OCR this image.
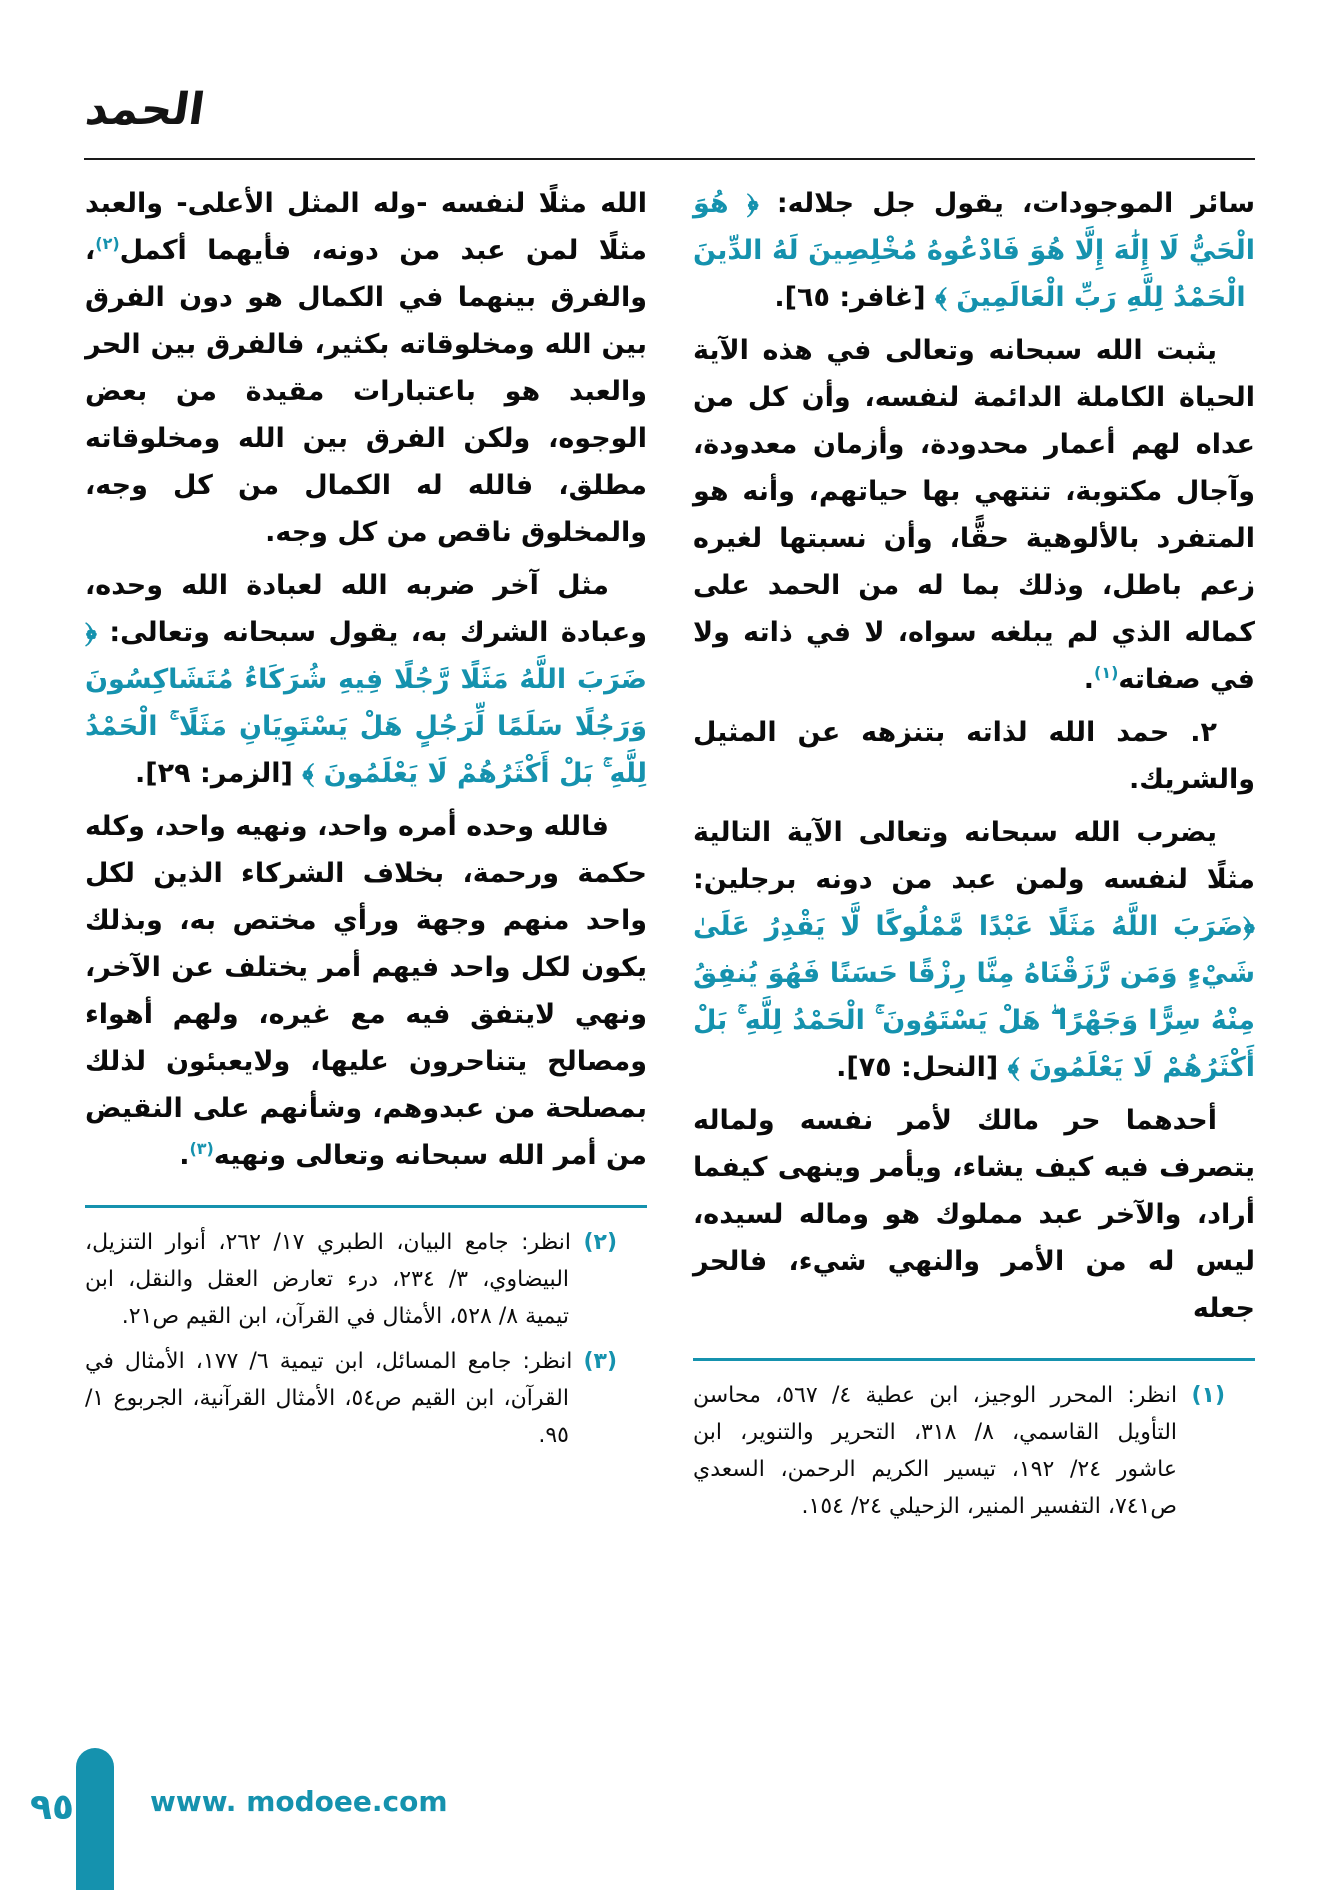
الحمد

سائر الموجودات، يقول جل جلاله: ﴿ هُوَ الْحَيُّ لَا إِلَٰهَ إِلَّا هُوَ فَادْعُوهُ مُخْلِصِينَ لَهُ الدِّينَ ۗ الْحَمْدُ لِلَّهِ رَبِّ الْعَالَمِينَ ﴾ [غافر: ٦٥].

يثبت الله سبحانه وتعالى في هذه الآية الحياة الكاملة الدائمة لنفسه، وأن كل من عداه لهم أعمار محدودة، وأزمان معدودة، وآجال مكتوبة، تنتهي بها حياتهم، وأنه هو المتفرد بالألوهية حقًّا، وأن نسبتها لغيره زعم باطل، وذلك بما له من الحمد على كماله الذي لم يبلغه سواه، لا في ذاته ولا في صفاته$^{(١)}$.

٢. حمد الله لذاته بتنزهه عن المثيل والشريك.

يضرب الله سبحانه وتعالى الآية التالية مثلًا لنفسه ولمن عبد من دونه برجلين: ﴿ضَرَبَ اللَّهُ مَثَلًا عَبْدًا مَّمْلُوكًا لَّا يَقْدِرُ عَلَىٰ شَيْءٍ وَمَن رَّزَقْنَاهُ مِنَّا رِزْقًا حَسَنًا فَهُوَ يُنفِقُ مِنْهُ سِرًّا وَجَهْرًا ۖ هَلْ يَسْتَوُونَ ۚ الْحَمْدُ لِلَّهِ ۚ بَلْ أَكْثَرُهُمْ لَا يَعْلَمُونَ ﴾ [النحل: ٧٥].

أحدهما حر مالك لأمر نفسه ولماله يتصرف فيه كيف يشاء، ويأمر وينهى كيفما أراد، والآخر عبد مملوك هو وماله لسيده، ليس له من الأمر والنهي شيء، فالحر جعله

(١) انظر: المحرر الوجيز، ابن عطية ٤/ ٥٦٧، محاسن التأويل القاسمي، ٨/ ٣١٨، التحرير والتنوير، ابن عاشور ٢٤/ ١٩٢، تيسير الكريم الرحمن، السعدي ص٧٤١، التفسير المنير، الزحيلي ٢٤/ ١٥٤.

الله مثلًا لنفسه -وله المثل الأعلى- والعبد مثلًا لمن عبد من دونه، فأيهما أكمل$^{(٢)}$، والفرق بينهما في الكمال هو دون الفرق بين الله ومخلوقاته بكثير، فالفرق بين الحر والعبد هو باعتبارات مقيدة من بعض الوجوه، ولكن الفرق بين الله ومخلوقاته مطلق، فالله له الكمال من كل وجه، والمخلوق ناقص من كل وجه.

مثل آخر ضربه الله لعبادة الله وحده، وعبادة الشرك به، يقول سبحانه وتعالى: ﴿ ضَرَبَ اللَّهُ مَثَلًا رَّجُلًا فِيهِ شُرَكَاءُ مُتَشَاكِسُونَ وَرَجُلًا سَلَمًا لِّرَجُلٍ هَلْ يَسْتَوِيَانِ مَثَلًا ۚ الْحَمْدُ لِلَّهِ ۚ بَلْ أَكْثَرُهُمْ لَا يَعْلَمُونَ ﴾ [الزمر: ٢٩].

فالله وحده أمره واحد، ونهيه واحد، وكله حكمة ورحمة، بخلاف الشركاء الذين لكل واحد منهم وجهة ورأي مختص به، وبذلك يكون لكل واحد فيهم أمر يختلف عن الآخر، ونهي لايتفق فيه مع غيره، ولهم أهواء ومصالح يتناحرون عليها، ولايعبئون لذلك بمصلحة من عبدوهم، وشأنهم على النقيض من أمر الله سبحانه وتعالى ونهيه$^{(٣)}$.

(٢) انظر: جامع البيان، الطبري ١٧/ ٢٦٢، أنوار التنزيل، البيضاوي، ٣/ ٢٣٤، درء تعارض العقل والنقل، ابن تيمية ٨/ ٥٢٨، الأمثال في القرآن، ابن القيم ص٢١.
(٣) انظر: جامع المسائل، ابن تيمية ٦/ ١٧٧، الأمثال في القرآن، ابن القيم ص٥٤، الأمثال القرآنية، الجربوع ١/ ٩٥.
٩٥	www. modoee.com
